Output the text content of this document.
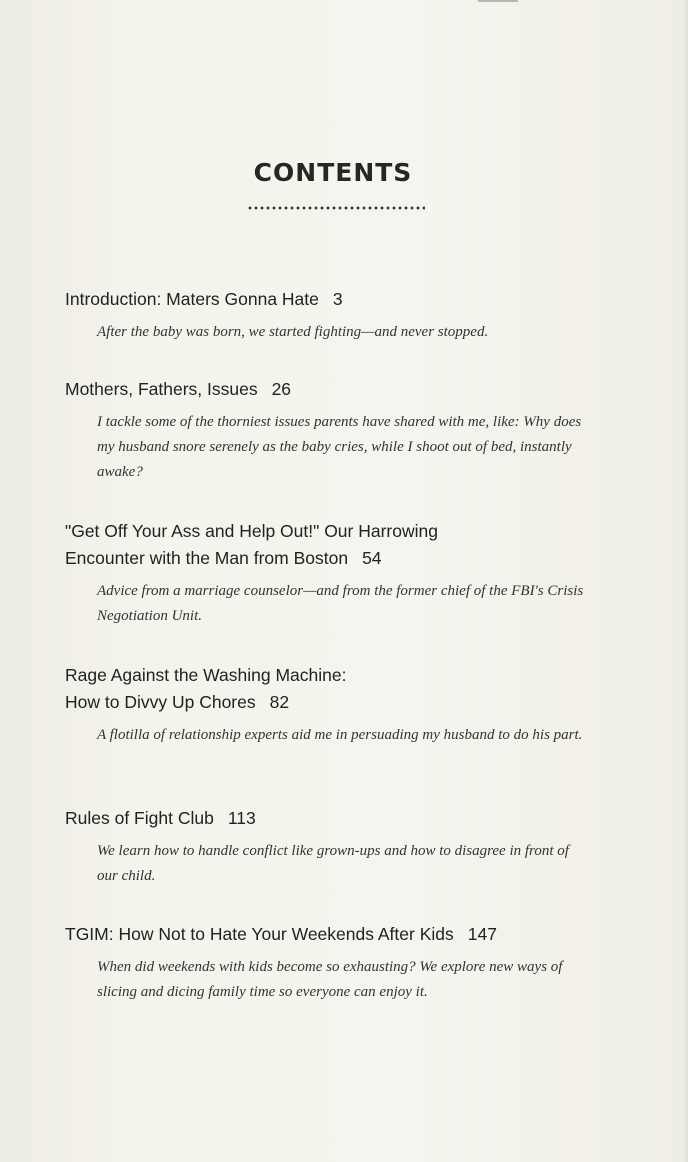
CONTENTS
Introduction: Maters Gonna Hate 3
After the baby was born, we started fighting—and never stopped.
Mothers, Fathers, Issues 26
I tackle some of the thorniest issues parents have shared with me, like: Why does my husband snore serenely as the baby cries, while I shoot out of bed, instantly awake?
"Get Off Your Ass and Help Out!" Our Harrowing
Encounter with the Man from Boston 54
Advice from a marriage counselor—and from the former chief of the FBI's Crisis Negotiation Unit.
Rage Against the Washing Machine:
How to Divvy Up Chores 82
A flotilla of relationship experts aid me in persuading my husband to do his part.
Rules of Fight Club 113
We learn how to handle conflict like grown-ups and how to disagree in front of our child.
TGIM: How Not to Hate Your Weekends After Kids 147
When did weekends with kids become so exhausting? We explore new ways of slicing and dicing family time so everyone can enjoy it.
